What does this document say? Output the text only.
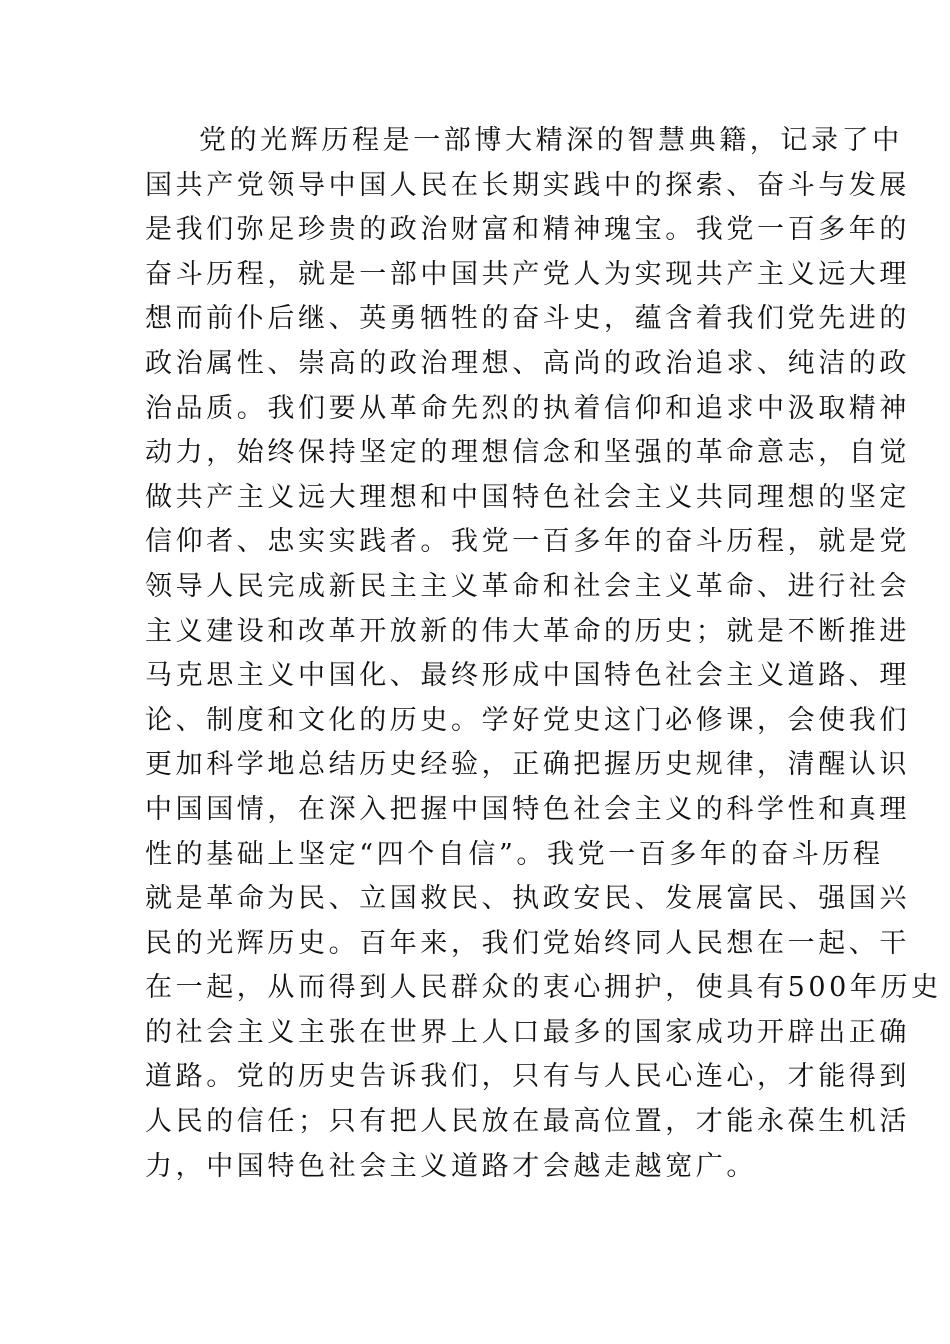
党的光辉历程是一部博大精深的智慧典籍，记录了中
国共产党领导中国人民在长期实践中的探索、奋斗与发展
是我们弥足珍贵的政治财富和精神瑰宝。我党一百多年的
奋斗历程，就是一部中国共产党人为实现共产主义远大理
想而前仆后继、英勇牺牲的奋斗史，蕴含着我们党先进的
政治属性、崇高的政治理想、高尚的政治追求、纯洁的政
治品质。我们要从革命先烈的执着信仰和追求中汲取精神
动力，始终保持坚定的理想信念和坚强的革命意志，自觉
做共产主义远大理想和中国特色社会主义共同理想的坚定
信仰者、忠实实践者。我党一百多年的奋斗历程，就是党
领导人民完成新民主主义革命和社会主义革命、进行社会
主义建设和改革开放新的伟大革命的历史；就是不断推进
马克思主义中国化、最终形成中国特色社会主义道路、理
论、制度和文化的历史。学好党史这门必修课，会使我们
更加科学地总结历史经验，正确把握历史规律，清醒认识
中国国情，在深入把握中国特色社会主义的科学性和真理
性的基础上坚定“四个自信”。我党一百多年的奋斗历程
就是革命为民、立国救民、执政安民、发展富民、强国兴
民的光辉历史。百年来，我们党始终同人民想在一起、干
在一起，从而得到人民群众的衷心拥护，使具有500年历史
的社会主义主张在世界上人口最多的国家成功开辟出正确
道路。党的历史告诉我们，只有与人民心连心，才能得到
人民的信任；只有把人民放在最高位置，才能永葆生机活
力，中国特色社会主义道路才会越走越宽广。
